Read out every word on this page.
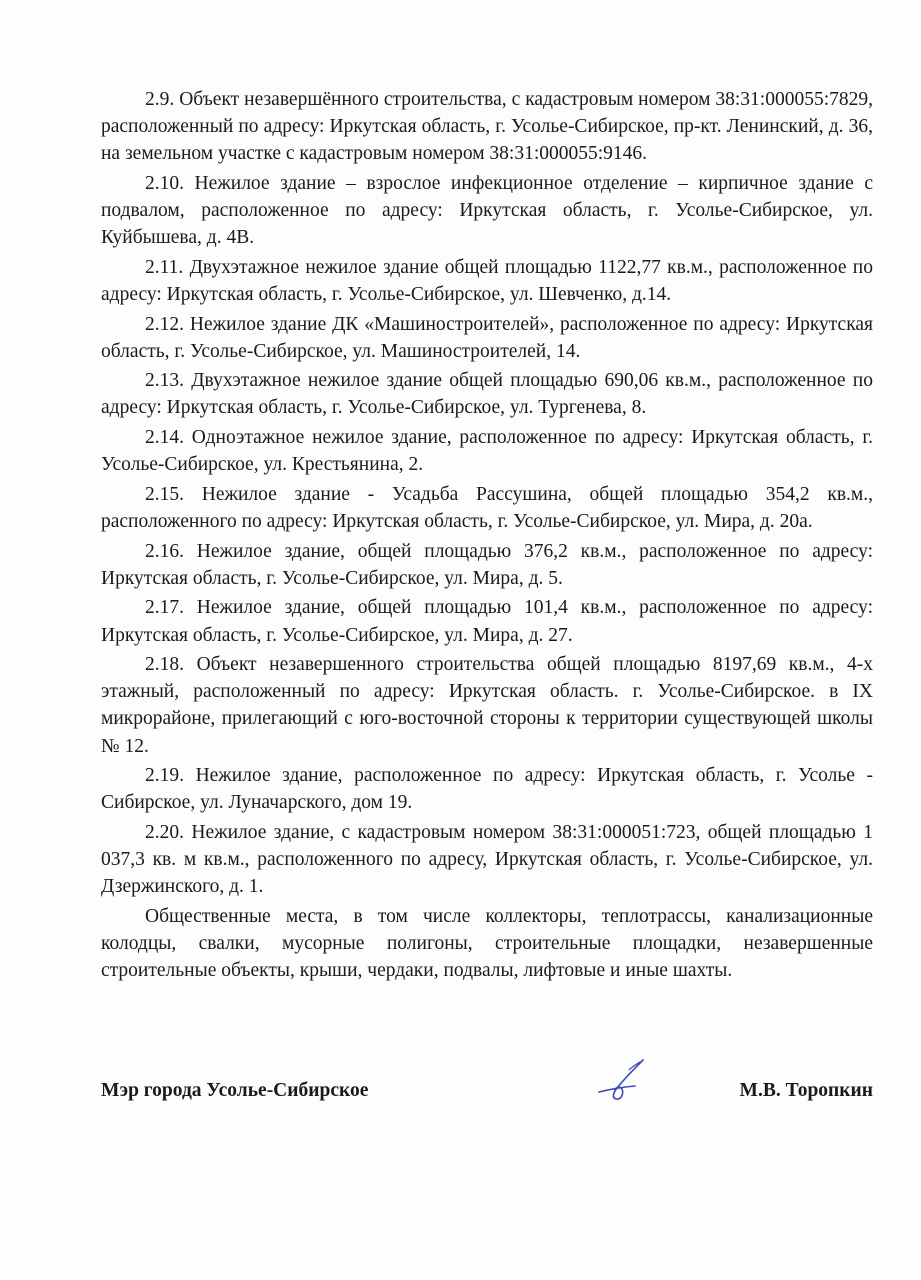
2.9. Объект незавершённого строительства, с кадастровым номером 38:31:000055:7829, расположенный по адресу: Иркутская область, г. Усолье-Сибирское, пр-кт. Ленинский, д. 36, на земельном участке с кадастровым номером 38:31:000055:9146.

2.10. Нежилое здание – взрослое инфекционное отделение – кирпичное здание с подвалом, расположенное по адресу: Иркутская область, г. Усолье-Сибирское, ул. Куйбышева, д. 4В.

2.11. Двухэтажное нежилое здание общей площадью 1122,77 кв.м., расположенное по адресу: Иркутская область, г. Усолье-Сибирское, ул. Шевченко, д.14.

2.12. Нежилое здание ДК «Машиностроителей», расположенное по адресу: Иркутская область, г. Усолье-Сибирское, ул. Машиностроителей, 14.

2.13. Двухэтажное нежилое здание общей площадью 690,06 кв.м., расположенное по адресу: Иркутская область, г. Усолье-Сибирское, ул. Тургенева, 8.

2.14. Одноэтажное нежилое здание, расположенное по адресу: Иркутская область, г. Усолье-Сибирское, ул. Крестьянина, 2.

2.15. Нежилое здание - Усадьба Рассушина, общей площадью 354,2 кв.м., расположенного по адресу: Иркутская область, г. Усолье-Сибирское, ул. Мира, д. 20а.

2.16. Нежилое здание, общей площадью 376,2 кв.м., расположенное по адресу: Иркутская область, г. Усолье-Сибирское, ул. Мира, д. 5.

2.17. Нежилое здание, общей площадью 101,4 кв.м., расположенное по адресу: Иркутская область, г. Усолье-Сибирское, ул. Мира, д. 27.

2.18. Объект незавершенного строительства общей площадью 8197,69 кв.м., 4-х этажный, расположенный по адресу: Иркутская область. г. Усолье-Сибирское. в IX микрорайоне, прилегающий с юго-восточной стороны к территории существующей школы № 12.

2.19. Нежилое здание, расположенное по адресу: Иркутская область, г. Усолье - Сибирское, ул. Луначарского, дом 19.

2.20. Нежилое здание, с кадастровым номером 38:31:000051:723, общей площадью 1 037,3 кв. м кв.м., расположенного по адресу, Иркутская область, г. Усолье-Сибирское, ул. Дзержинского, д. 1.

Общественные места, в том числе коллекторы, теплотрассы, канализационные колодцы, свалки, мусорные полигоны, строительные площадки, незавершенные строительные объекты, крыши, чердаки, подвалы, лифтовые и иные шахты.

Мэр города Усолье-Сибирское	М.В. Торопкин
